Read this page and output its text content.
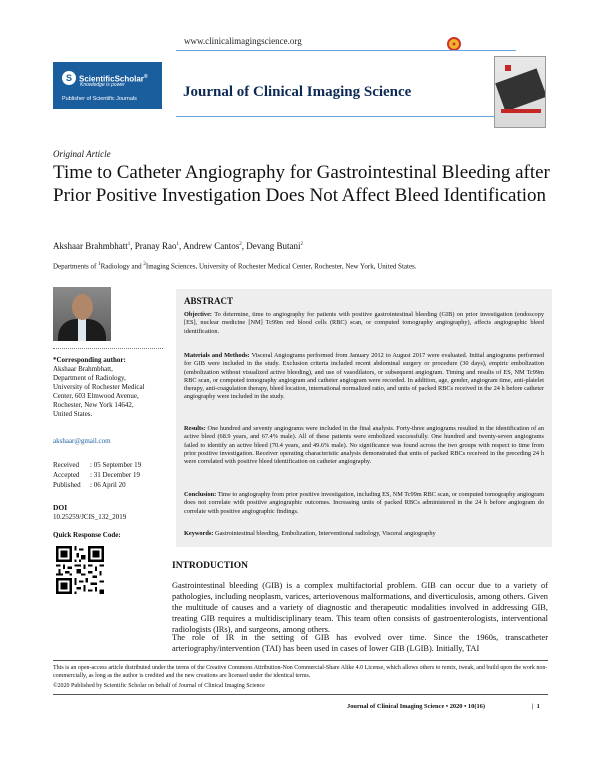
S ScientificScholar®
Knowledge is power
Publisher of Scientific Journals
www.clinicalimagingscience.org	●
Journal of Clinical Imaging Science
Original Article
Time to Catheter Angiography for Gastrointestinal Bleeding after Prior Positive Investigation Does Not Affect Bleed Identification
Akshaar Brahmbhatt$^1$, Pranay Rao$^1$, Andrew Cantos$^2$, Devang Butani$^2$
Departments of $^1$Radiology and $^2$Imaging Sciences, University of Rochester Medical Center, Rochester, New York, United States.
*Corresponding author:
Akshaar Brahmbhatt,
Department of Radiology,
University of Rochester Medical
Center, 603 Elmwood Avenue,
Rochester, New York 14642,
United States.
akshaar@gmail.com
Received	: 05 September 19
Accepted	: 31 December 19
Published	: 06 April 20
DOI
10.25259/JCIS_132_2019
Quick Response Code:
ABSTRACT

Objective: To determine, time to angiography for patients with positive gastrointestinal bleeding (GIB) on prior investigation (endoscopy [ES], nuclear medicine [NM] Tc99m red blood cells (RBC) scan, or computed tomography angiography), affects angiographic bleed identification.

Materials and Methods: Visceral Angiograms performed from January 2012 to August 2017 were evaluated. Initial angiograms performed for GIB were included in the study. Exclusion criteria included recent abdominal surgery or procedure (30 days), empiric embolization (embolization without visualized active bleeding), and use of vasodilators, or subsequent angiogram. Timing and results of ES, NM Tc99m RBC scan, or computed tomography angiogram and catheter angiogram were recorded. In addition, age, gender, angiogram time, anti-platelet therapy, anti-coagulation therapy, bleed location, international normalized ratio, and units of packed RBCs received in the 24 h before catheter angiography were included in the study.

Results: One hundred and seventy angiograms were included in the final analysis. Forty-three angiograms resulted in the identification of an active bleed (68.9 years, and 67.4% male). All of these patients were embolized successfully. One hundred and twenty-seven angiograms failed to identify an active bleed (70.4 years, and 49.6% male). No significance was found across the two groups with respect to time from prior positive investigation. Receiver operating characteristic analysis demonstrated that units of packed RBCs received in the preceding 24 h were correlated with positive bleed identification on catheter angiography.

Conclusion: Time to angiography from prior positive investigation, including ES, NM Tc99m RBC scan, or computed tomography angiogram does not correlate with positive angiographic outcomes. Increasing units of packed RBCs administered in the 24 h before angiogram do correlate with positive angiographic findings.

Keywords: Gastrointestinal bleeding, Embolization, Interventional radiology, Visceral angiography

INTRODUCTION

Gastrointestinal bleeding (GIB) is a complex multifactorial problem. GIB can occur due to a variety of pathologies, including neoplasm, varices, arteriovenous malformations, and diverticulosis, among others. Given the multitude of causes and a variety of diagnostic and therapeutic modalities involved in addressing GIB, treating GIB requires a multidisciplinary team. This team often consists of gastroenterologists, interventional radiologists (IRs), and surgeons, among others.

The role of IR in the setting of GIB has evolved over time. Since the 1960s, transcatheter arteriography/intervention (TAI) has been used in cases of lower GIB (LGIB). Initially, TAI

This is an open-access article distributed under the terms of the Creative Commons Attribution-Non Commercial-Share Alike 4.0 License, which allows others to remix, tweak, and build upon the work non-commercially, as long as the author is credited and the new creations are licensed under the identical terms.
©2020 Published by Scientific Scholar on behalf of Journal of Clinical Imaging Science
Journal of Clinical Imaging Science • 2020 • 10(16)	| 1
